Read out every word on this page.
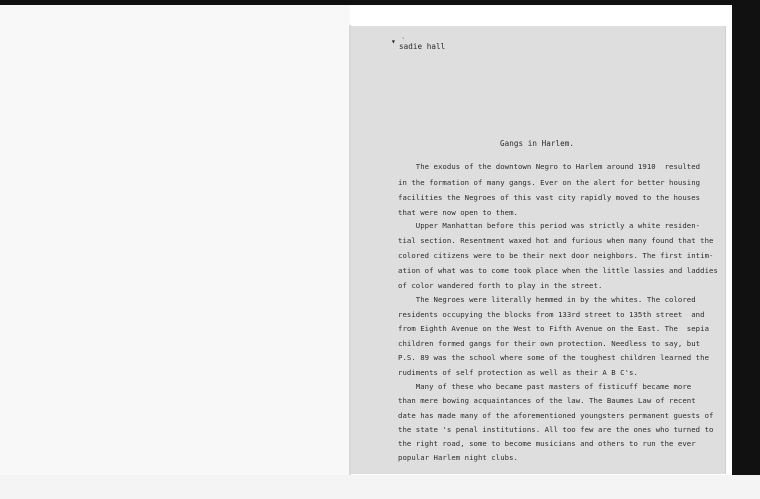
▾ ˙
sadie hall
Gangs in Harlem.
The exodus of the downtown Negro to Harlem around 1910  resulted
in the formation of many gangs. Ever on the alert for better housing
facilities the Negroes of this vast city rapidly moved to the houses
that were now open to them.
Upper Manhattan before this period was strictly a white residen-
tial section. Resentment waxed hot and furious when many found that the
colored citizens were to be their next door neighbors. The first intim-
ation of what was to come took place when the little lassies and laddies
of color wandered forth to play in the street.
The Negroes were literally hemmed in by the whites. The colored
residents occupying the blocks from 133rd street to 135th street  and
from Eighth Avenue on the West to Fifth Avenue on the East. The  sepia
children formed gangs for their own protection. Needless to say, but
P.S. 89 was the school where some of the toughest children learned the
rudiments of self protection as well as their A B C's.
Many of these who became past masters of fisticuff became more
than mere bowing acquaintances of the law. The Baumes Law of recent
date has made many of the aforementioned youngsters permanent guests of
the state 's penal institutions. All too few are the ones who turned to
the right road, some to become musicians and others to run the ever
popular Harlem night clubs.
